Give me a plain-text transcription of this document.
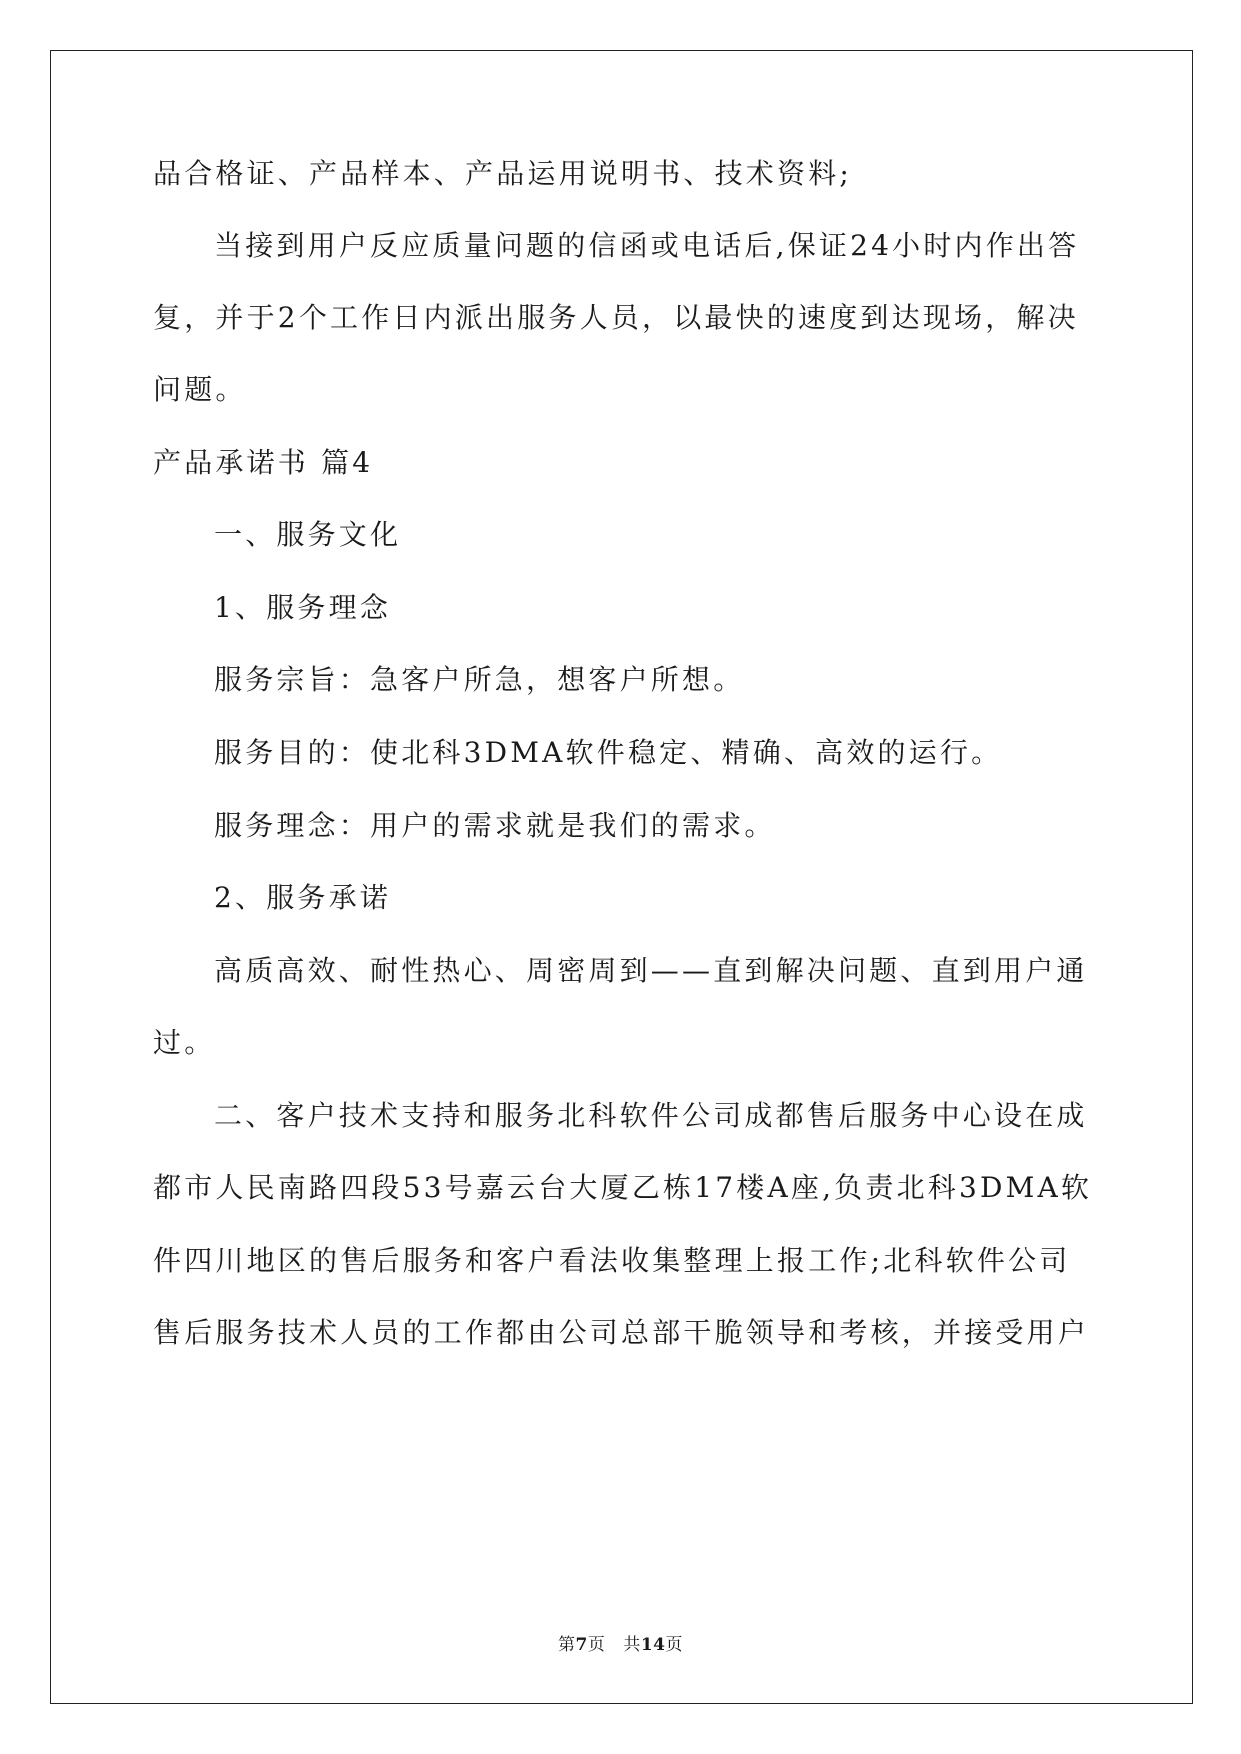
品合格证、产品样本、产品运用说明书、技术资料;
当接到用户反应质量问题的信函或电话后,保证24小时内作出答
复，并于2个工作日内派出服务人员，以最快的速度到达现场，解决
问题。
产品承诺书 篇4
一、服务文化
1、服务理念
服务宗旨：急客户所急，想客户所想。
服务目的：使北科3DMA软件稳定、精确、高效的运行。
服务理念：用户的需求就是我们的需求。
2、服务承诺
高质高效、耐性热心、周密周到——直到解决问题、直到用户通
过。
二、客户技术支持和服务北科软件公司成都售后服务中心设在成
都市人民南路四段53号嘉云台大厦乙栋17楼A座,负责北科3DMA软
件四川地区的售后服务和客户看法收集整理上报工作;北科软件公司
售后服务技术人员的工作都由公司总部干脆领导和考核，并接受用户
第7页 共14页
